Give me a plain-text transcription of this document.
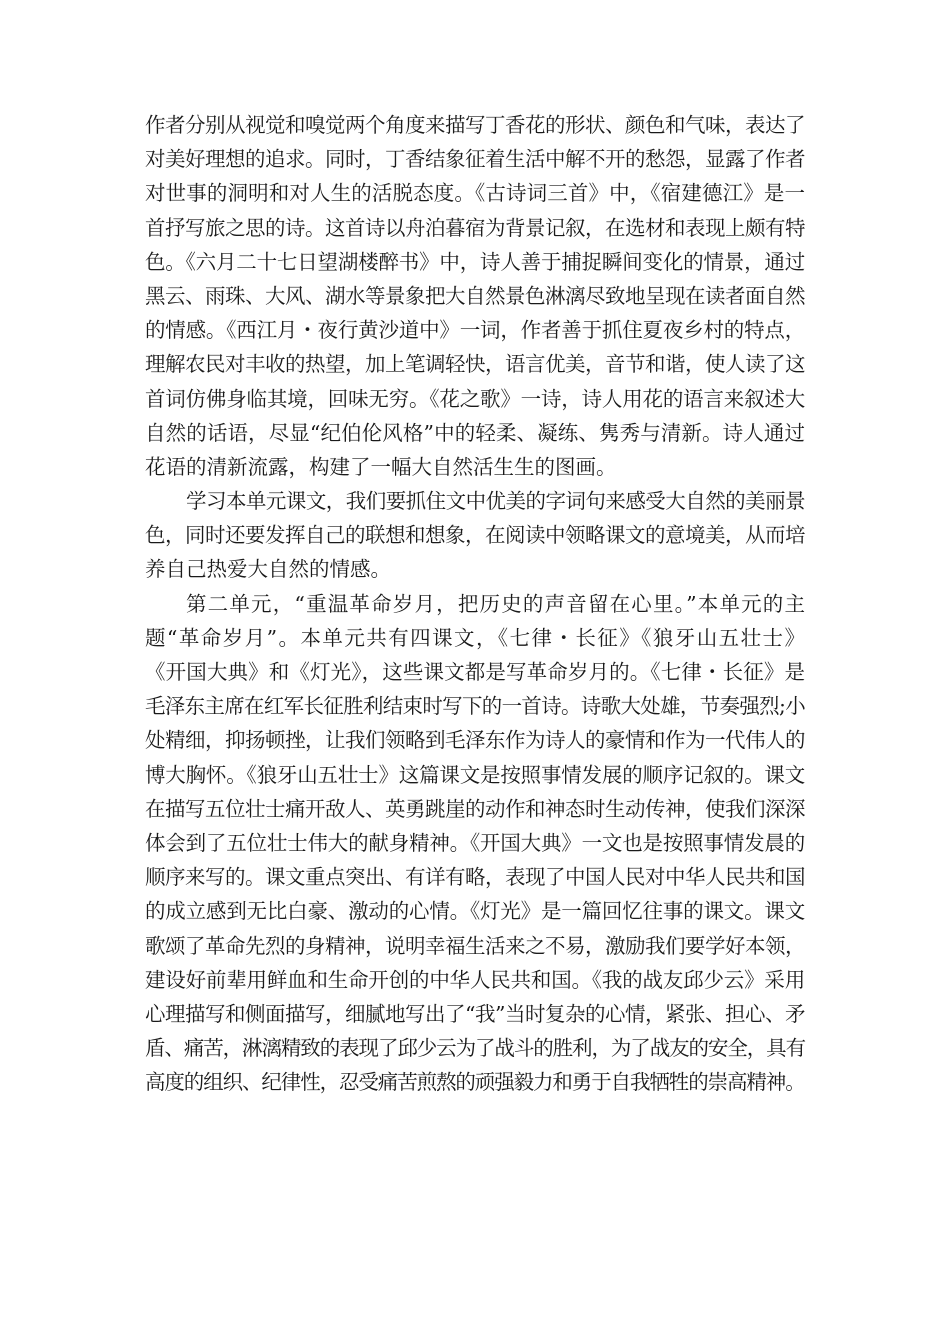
作者分别从视觉和嗅觉两个角度来描写丁香花的形状、颜色和气味，表达了
对美好理想的追求。同时，丁香结象征着生活中解不开的愁怨，显露了作者
对世事的洞明和对人生的活脱态度。《古诗词三首》中，《宿建德江》是一
首抒写旅之思的诗。这首诗以舟泊暮宿为背景记叙，在选材和表现上颇有特
色。《六月二十七日望湖楼醉书》中，诗人善于捕捉瞬间变化的情景，通过
黑云、雨珠、大风、湖水等景象把大自然景色淋漓尽致地呈现在读者面自然
的情感。《西江月・夜行黄沙道中》一词，作者善于抓住夏夜乡村的特点，
理解农民对丰收的热望，加上笔调轻快，语言优美，音节和谐，使人读了这
首词仿佛身临其境，回味无穷。《花之歌》一诗，诗人用花的语言来叙述大
自然的话语，尽显“纪伯伦风格”中的轻柔、凝练、隽秀与清新。诗人通过
花语的清新流露，构建了一幅大自然活生生的图画。
学习本单元课文，我们要抓住文中优美的字词句来感受大自然的美丽景
色，同时还要发挥自己的联想和想象，在阅读中领略课文的意境美，从而培
养自己热爱大自然的情感。
第二单元，“重温革命岁月，把历史的声音留在心里。”本单元的主
题“革命岁月”。本单元共有四课文，《七律・长征》《狼牙山五壮士》
《开国大典》和《灯光》，这些课文都是写革命岁月的。《七律・长征》是
毛泽东主席在红军长征胜利结束时写下的一首诗。诗歌大处雄，节奏强烈;小
处精细，抑扬顿挫，让我们领略到毛泽东作为诗人的豪情和作为一代伟人的
博大胸怀。《狼牙山五壮士》这篇课文是按照事情发展的顺序记叙的。课文
在描写五位壮士痛开敌人、英勇跳崖的动作和神态时生动传神，使我们深深
体会到了五位壮士伟大的献身精神。《开国大典》一文也是按照事情发晨的
顺序来写的。课文重点突出、有详有略，表现了中国人民对中华人民共和国
的成立感到无比白豪、激动的心情。《灯光》是一篇回忆往事的课文。课文
歌颂了革命先烈的身精神，说明幸福生活来之不易，激励我们要学好本领，
建设好前辈用鲜血和生命开创的中华人民共和国。《我的战友邱少云》采用
心理描写和侧面描写，细腻地写出了“我”当时复杂的心情，紧张、担心、矛
盾、痛苦，淋漓精致的表现了邱少云为了战斗的胜利，为了战友的安全，具有
高度的组织、纪律性，忍受痛苦煎熬的顽强毅力和勇于自我牺牲的崇高精神。
